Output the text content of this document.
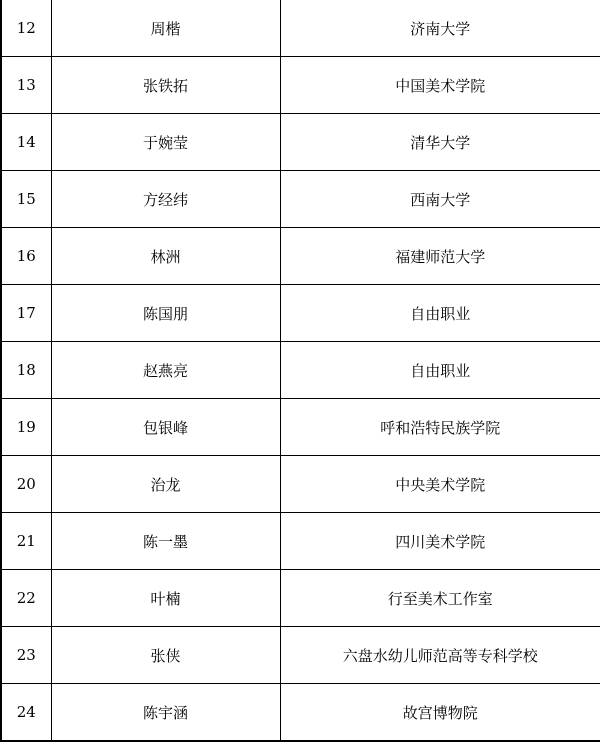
12	周楷	济南大学
13	张铁拓	中国美术学院
14	于婉莹	清华大学
15	方经纬	西南大学
16	林洲	福建师范大学
17	陈国朋	自由职业
18	赵燕亮	自由职业
19	包银峰	呼和浩特民族学院
20	治龙	中央美术学院
21	陈一墨	四川美术学院
22	叶楠	行至美术工作室
23	张侠	六盘水幼儿师范高等专科学校
24	陈宇涵	故宫博物院
